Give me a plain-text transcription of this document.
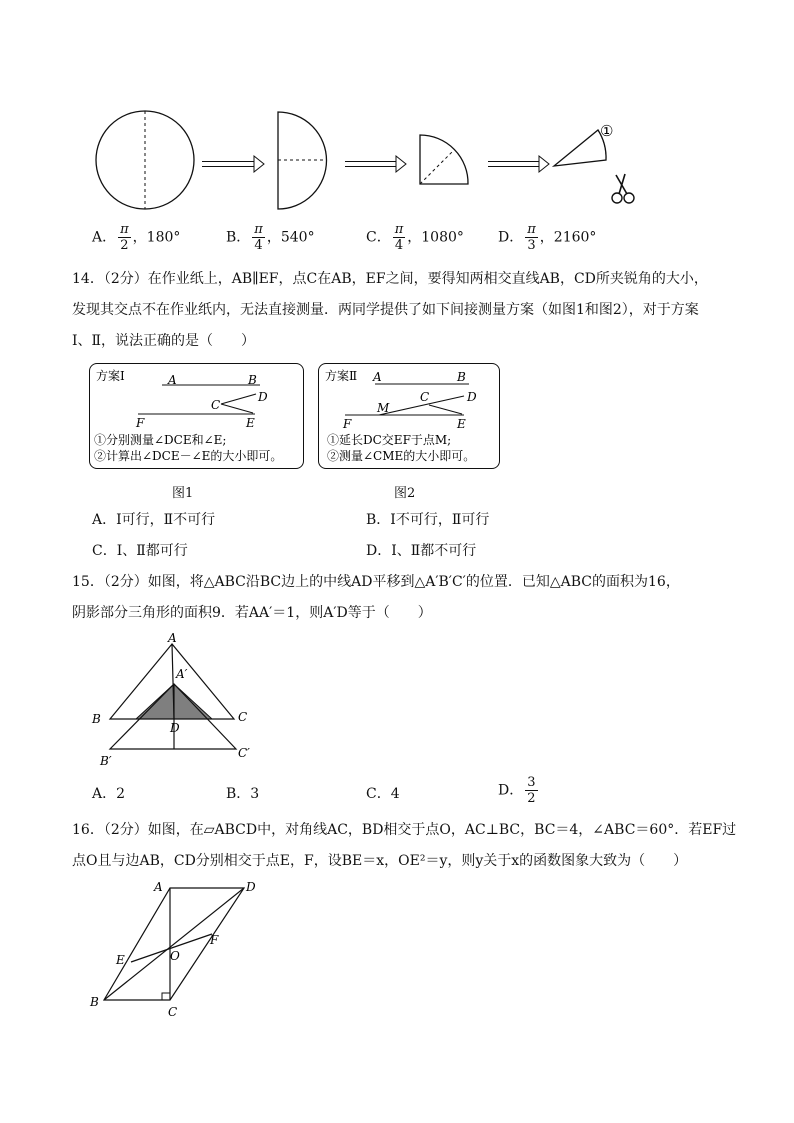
①
A． $\frac{\pi}{2}$ ，180°	B． $\frac{\pi}{4}$ ，540°	C． $\frac{\pi}{4}$ ，1080° D． $\frac{\pi}{3}$ ，2160°
14．（2分）在作业纸上，AB∥EF，点C在AB，EF之间，要得知两相交直线AB，CD所夹锐角的大小，
发现其交点不在作业纸内，无法直接测量．两同学提供了如下间接测量方案（如图1和图2），对于方案
Ⅰ、Ⅱ，说法正确的是（　　）
方案Ⅰ	A	B
C
D
F	E
①分别测量∠DCE和∠E;
②计算出∠DCE－∠E的大小即可。
图1
方案Ⅱ A	B
C	D
M
F	E
①延长DC交EF于点M;
②测量∠CME的大小即可。
图2
A．Ⅰ可行，Ⅱ不可行	B．Ⅰ不可行，Ⅱ可行
C．Ⅰ、Ⅱ都可行	D．Ⅰ、Ⅱ都不可行
15．（2分）如图，将△ABC沿BC边上的中线AD平移到△A′B′C′的位置．已知△ABC的面积为16，
阴影部分三角形的面积9．若AA′＝1，则A′D等于（　　）
A
A′
B	C
D
B′
C′
A．2	B．3	C．4	D． $\frac{3}{2}$
16．（2分）如图，在▱ABCD中，对角线AC，BD相交于点O，AC⊥BC，BC＝4，∠ABC＝60°．若EF过
点O且与边AB，CD分别相交于点E，F，设BE＝x，OE²＝y，则y关于x的函数图象大致为（　　）
A	D
E	O
F
B
C
